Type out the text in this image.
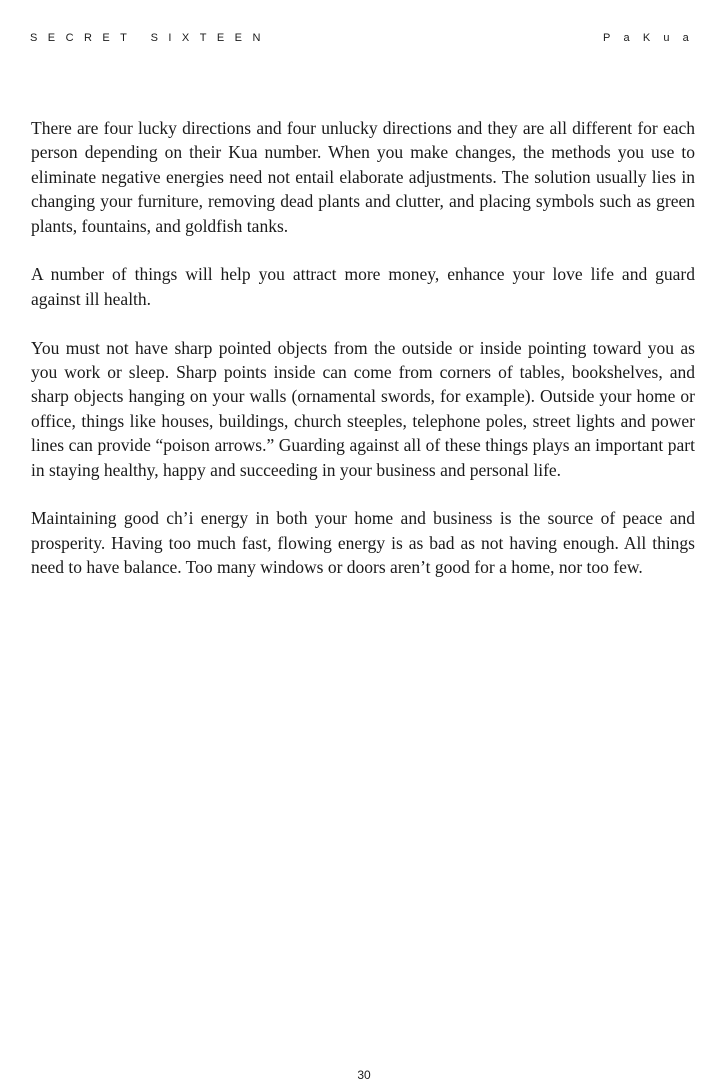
SECRET SIXTEEN	PaKua

There are four lucky directions and four unlucky directions and they are all different for each person depending on their Kua number. When you make changes, the methods you use to eliminate negative energies need not entail elaborate adjustments. The solution usually lies in changing your furniture, removing dead plants and clutter, and placing symbols such as green plants, fountains, and goldfish tanks.

A number of things will help you attract more money, enhance your love life and guard against ill health.

You must not have sharp pointed objects from the outside or inside pointing toward you as you work or sleep. Sharp points inside can come from corners of tables, bookshelves, and sharp objects hanging on your walls (ornamental swords, for example). Outside your home or office, things like houses, buildings, church steeples, telephone poles, street lights and power lines can provide “poison arrows.” Guarding against all of these things plays an important part in staying healthy, happy and succeeding in your business and personal life.

Maintaining good ch’i energy in both your home and business is the source of peace and prosperity. Having too much fast, flowing energy is as bad as not having enough. All things need to have balance. Too many windows or doors aren’t good for a home, nor too few.

30
